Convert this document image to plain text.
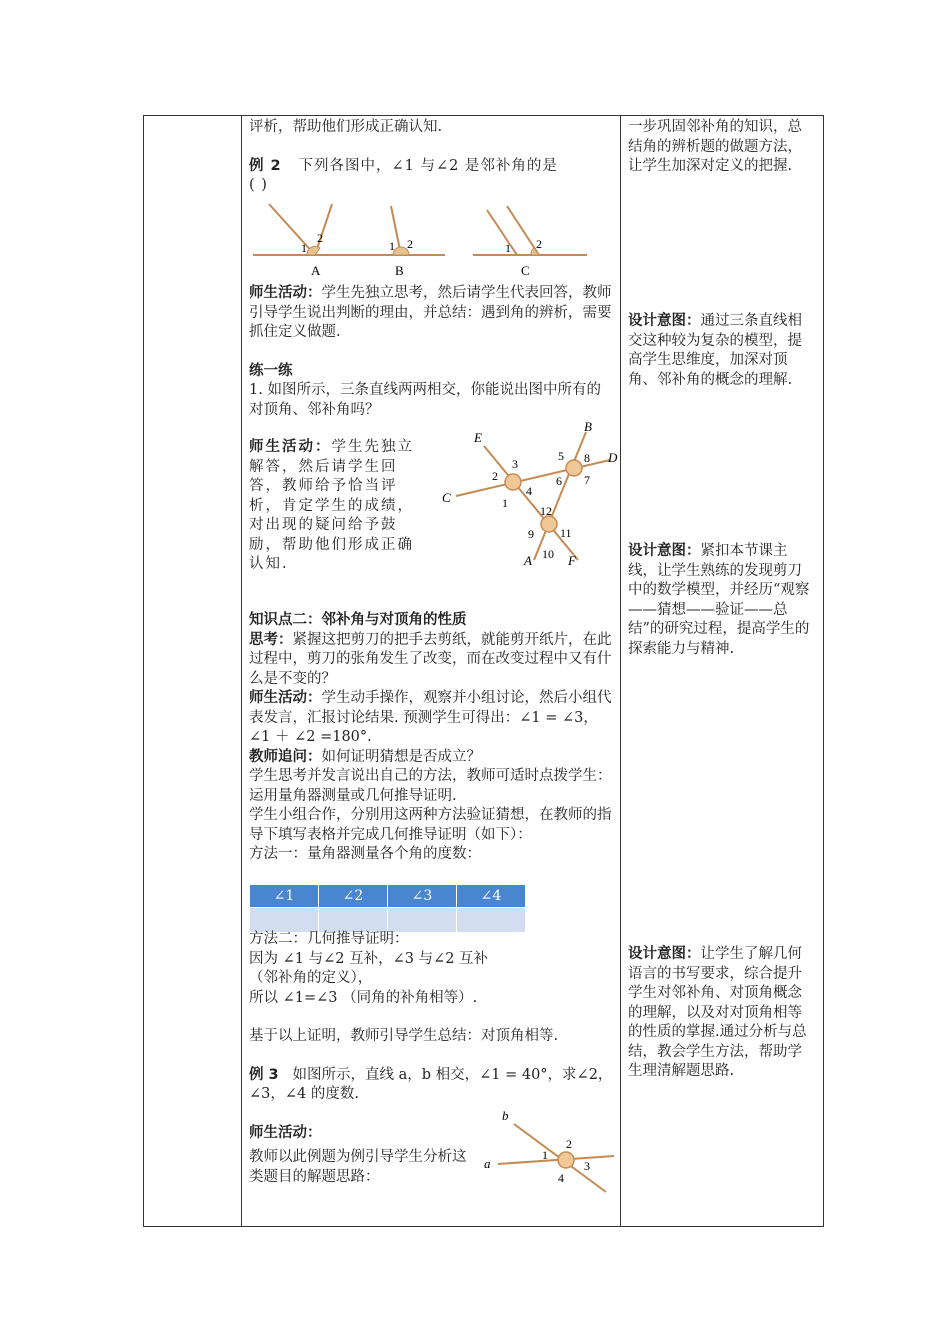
评析，帮助他们形成正确认知.

例 2 下列各图中，∠1 与∠2 是邻补角的是
( )

1
2
A
1 2
B
1 2
C

师生活动：学生先独立思考，然后请学生代表回答，教师引导学生说出判断的理由，并总结：遇到角的辨析，需要抓住定义做题.

练一练

1. 如图所示，三条直线两两相交，你能说出图中所有的对顶角、邻补角吗？

师生活动：学生先独立解答，然后请学生回答，教师给予恰当评析，肯定学生的成绩，对出现的疑问给予鼓励，帮助他们形成正确认知.

E
B
D
C
A	F
1
2
3
4
5
6 7
8
9
10
11
12

知识点二：邻补角与对顶角的性质

思考：紧握这把剪刀的把手去剪纸，就能剪开纸片，在此过程中，剪刀的张角发生了改变，而在改变过程中又有什么是不变的？

师生活动：学生动手操作，观察并小组讨论，然后小组代表发言，汇报讨论结果. 预测学生可得出：∠1 = ∠3，∠1 ＋ ∠2 =180°.

教师追问：如何证明猜想是否成立？

学生思考并发言说出自己的方法，教师可适时点拨学生：运用量角器测量或几何推导证明.

学生小组合作，分别用这两种方法验证猜想，在教师的指导下填写表格并完成几何推导证明（如下）：

方法一：量角器测量各个角的度数：

∠1	∠2	∠3	∠4

方法二：几何推导证明：

因为 ∠1 与∠2 互补，∠3 与∠2 互补

（邻补角的定义），

所以 ∠1=∠3 （同角的补角相等）.

基于以上证明，教师引导学生总结：对顶角相等.

例 3 如图所示，直线 a，b 相交，∠1 = 40°，求∠2，∠3，∠4 的度数.

师生活动：

教师以此例题为例引导学生分析这类题目的解题思路：

b
a
1
2
3
4

一步巩固邻补角的知识，总结角的辨析题的做题方法，让学生加深对定义的把握.

设计意图：通过三条直线相交这种较为复杂的模型，提高学生思维度，加深对顶角、邻补角的概念的理解.

设计意图：紧扣本节课主线，让学生熟练的发现剪刀中的数学模型，并经历“观察——猜想——验证——总结”的研究过程，提高学生的探索能力与精神.

设计意图：让学生了解几何语言的书写要求，综合提升学生对邻补角、对顶角概念的理解，以及对对顶角相等的性质的掌握.通过分析与总结，教会学生方法，帮助学生理清解题思路.
